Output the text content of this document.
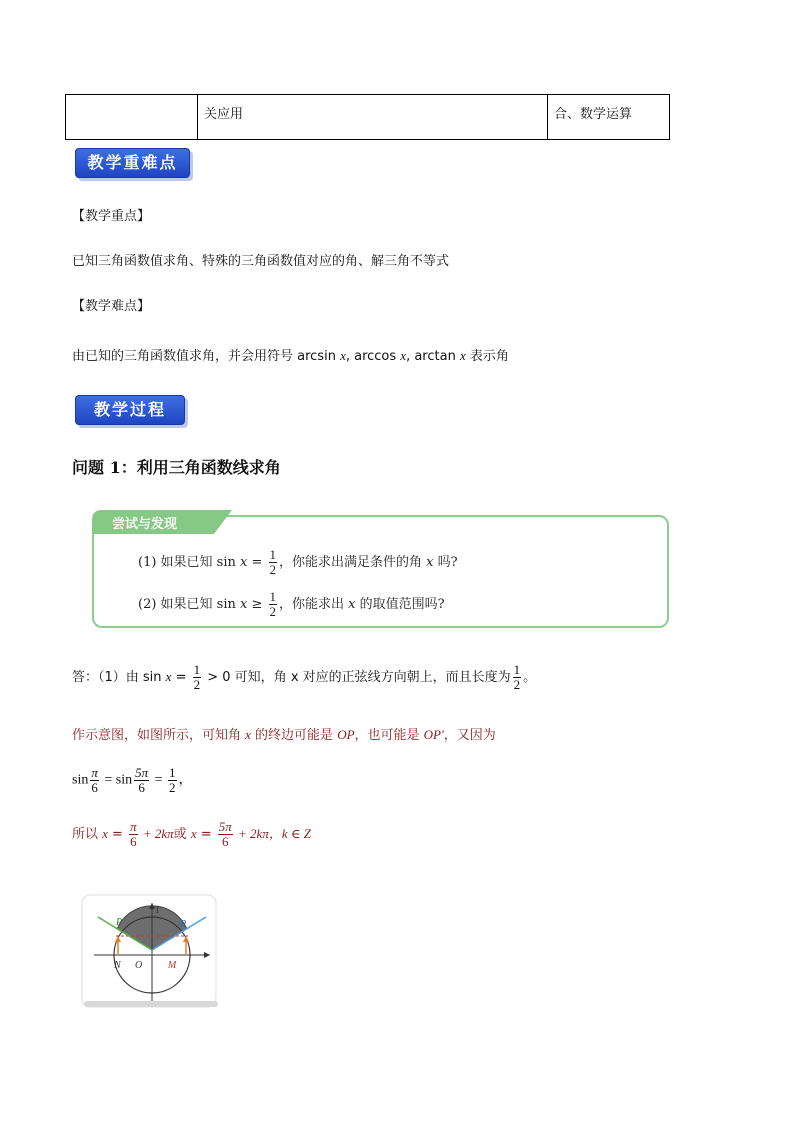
	关应用	合、数学运算
教学重难点
【教学重点】
已知三角函数值求角、特殊的三角函数值对应的角、解三角不等式
【教学难点】
由已知的三角函数值求角，并会用符号 arcsin x, arccos x, arctan x 表示角
教学过程
问题 1：利用三角函数线求角
尝试与发现
(1) 如果已知 $\sin x = \frac{1}{2}$ ，你能求出满足条件的角 x 吗?
(2) 如果已知 $\sin x \ge \frac{1}{2}$ ，你能求出 x 的取值范围吗?
答：（1）由 $\sin x = \frac{1}{2} > 0$ 可知，角 x 对应的正弦线方向朝上，而且长度为 $\frac{1}{2}$ 。
作示意图，如图所示，可知角 x 的终边可能是 OP，也可能是 OP'，又因为
$\sin \frac{\pi}{6} = \sin \frac{5\pi}{6} = \frac{1}{2}$ ，
所以 $x = \frac{\pi}{6} + 2k\pi$或 $x = \frac{5\pi}{6} + 2k\pi$，k ∈ Z
P'	P
N O	M
1
